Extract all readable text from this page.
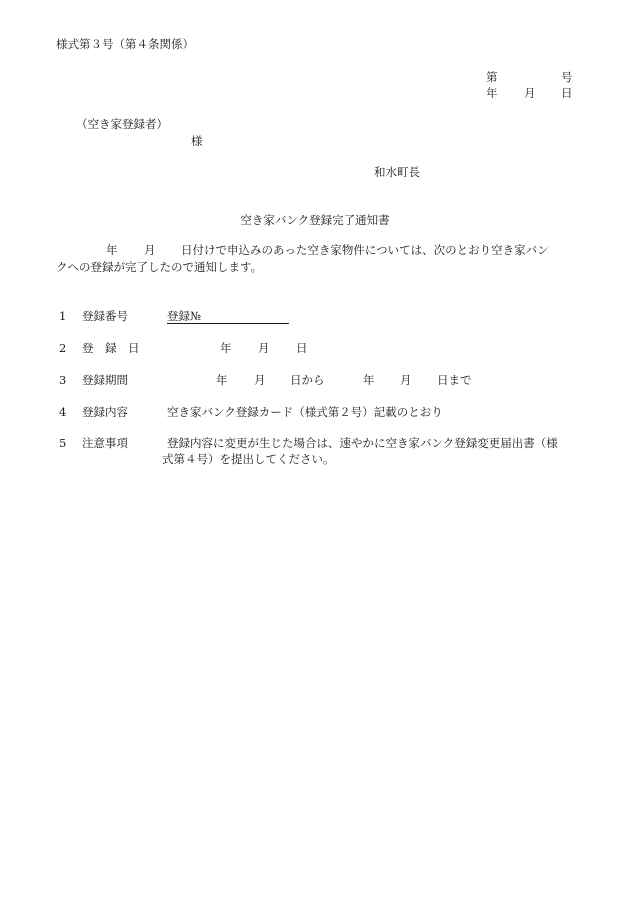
様式第３号（第４条関係）
第	号
年 月 日
（空き家登録者）
様
和水町長
空き家バンク登録完了通知書
年 月 日付けで申込みのあった空き家物件については、次のとおり空き家バン
クへの登録が完了したので通知します。
1 登録番号	登録№
2 登　録　日	年 月 日
3 登録期間	年 月 日から	年 月 日まで
4 登録内容	空き家バンク登録カード（様式第２号）記載のとおり
5 注意事項	登録内容に変更が生じた場合は、速やかに空き家バンク登録変更届出書（様
式第４号）を提出してください。
